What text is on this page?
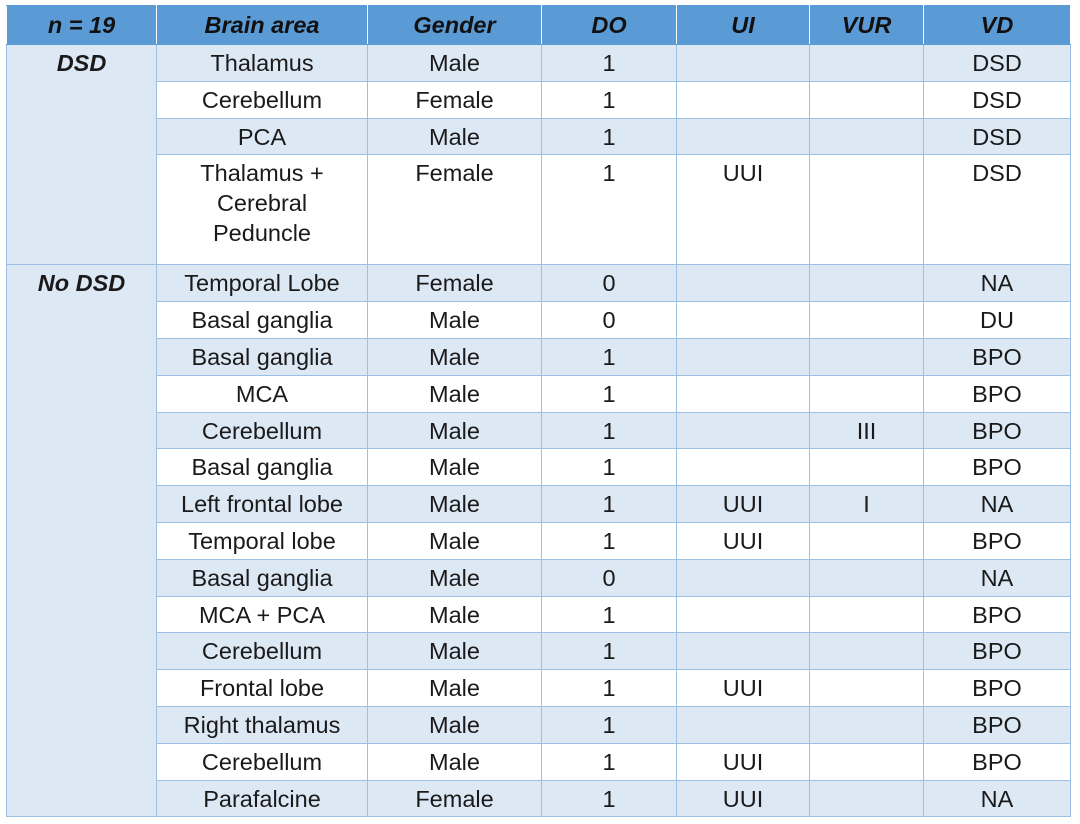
n = 19	Brain area	Gender	DO	UI	VUR	VD
DSD	Thalamus	Male	1			DSD
	Cerebellum	Female	1			DSD
	PCA	Male	1			DSD
	Thalamus + Cerebral Peduncle	Female	1	UUI		DSD
No DSD	Temporal Lobe	Female	0			NA
	Basal ganglia	Male	0			DU
	Basal ganglia	Male	1			BPO
	MCA	Male	1			BPO
	Cerebellum	Male	1		III	BPO
	Basal ganglia	Male	1			BPO
	Left frontal lobe	Male	1	UUI	I	NA
	Temporal lobe	Male	1	UUI		BPO
	Basal ganglia	Male	0			NA
	MCA + PCA	Male	1			BPO
	Cerebellum	Male	1			BPO
	Frontal lobe	Male	1	UUI		BPO
	Right thalamus	Male	1			BPO
	Cerebellum	Male	1	UUI		BPO
	Parafalcine	Female	1	UUI		NA
